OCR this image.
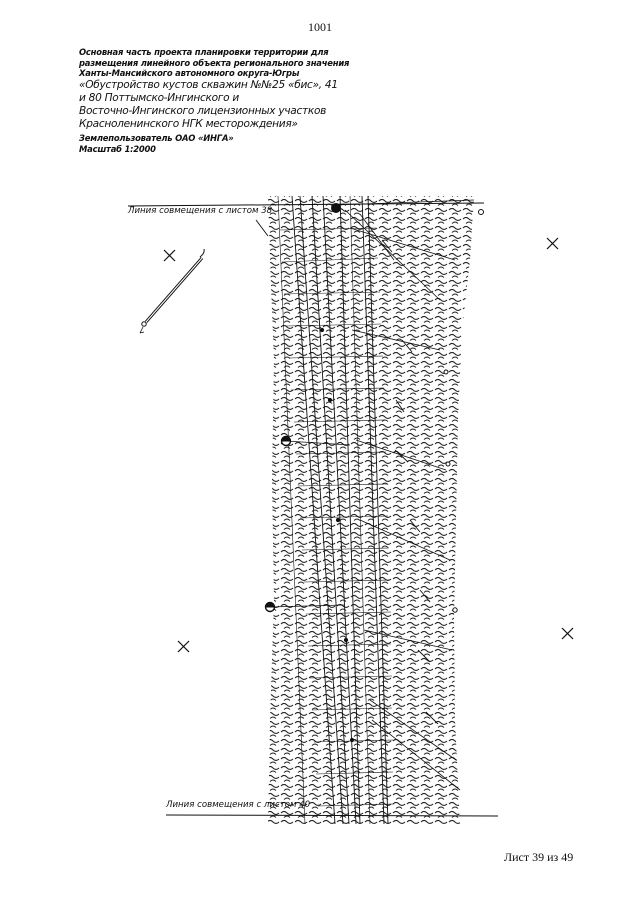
1001
Основная часть проекта планировки территории для
размещения линейного объекта регионального значения
Ханты-Мансийского автономного округа-Югры
«Обустройство кустов скважин №№25 «бис», 41
и 80 Поттымско-Ингинского и
Восточно-Ингинского лицензионных участков
Красноленинского НГК месторождения»
Землепользователь ОАО «ИНГА»
Масштаб 1:2000
Линия совмещения с листом 38
Линия совмещения с листом 40
Лист 39 из 49
